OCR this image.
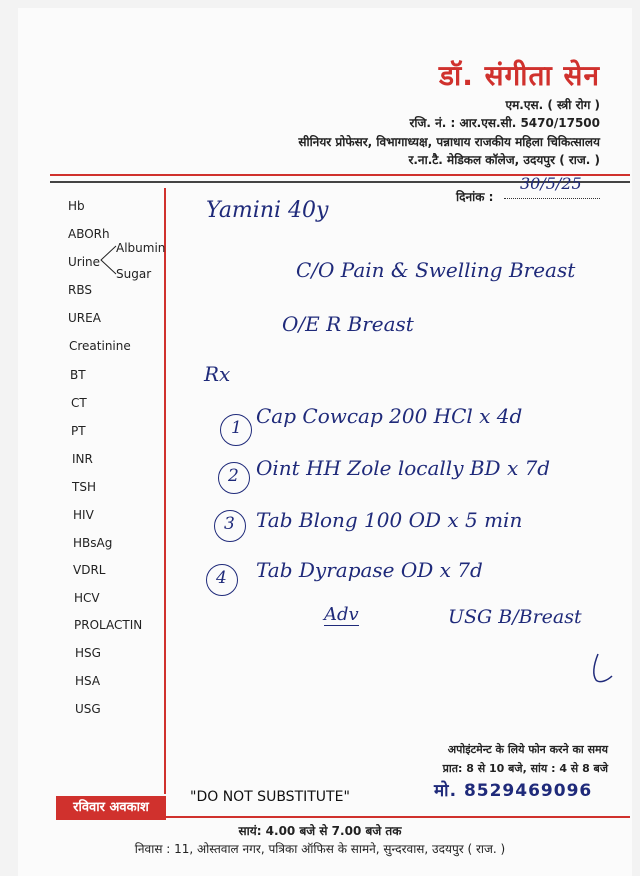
डॉ. संगीता सेन
एम.एस. ( स्त्री रोग )
रजि. नं. : आर.एस.सी. 5470/17500
सीनियर प्रोफेसर, विभागाध्यक्ष, पन्नाधाय राजकीय महिला चिकित्सालय
र.ना.टै. मेडिकल कॉलेज, उदयपुर ( राज. )
दिनांक :
30/5/25
Hb
ABORh
Urine
Albumin
Sugar
RBS
UREA
Creatinine
BT
CT
PT
INR
TSH
HIV
HBsAg
VDRL
HCV
PROLACTIN
HSG
HSA
USG
Yamini 40y
C/O Pain & Swelling Breast
O/E R Breast
Rx
1 Cap Cowcap 200 HCl x 4d
2 Oint HH Zole locally BD x 7d
3 Tab Blong 100 OD x 5 min
4 Tab Dyrapase OD x 7d
Adv	USG B/Breast
अपोइंटमेन्ट के लिये फोन करने का समय
प्रात: 8 से 10 बजे, सांय : 4 से 8 बजे
मो. 8529469096
रविवार अवकाश
"DO NOT SUBSTITUTE"
सायं: 4.00 बजे से 7.00 बजे तक
निवास : 11, ओस्तवाल नगर, पत्रिका ऑफिस के सामने, सुन्दरवास, उदयपुर ( राज. )
